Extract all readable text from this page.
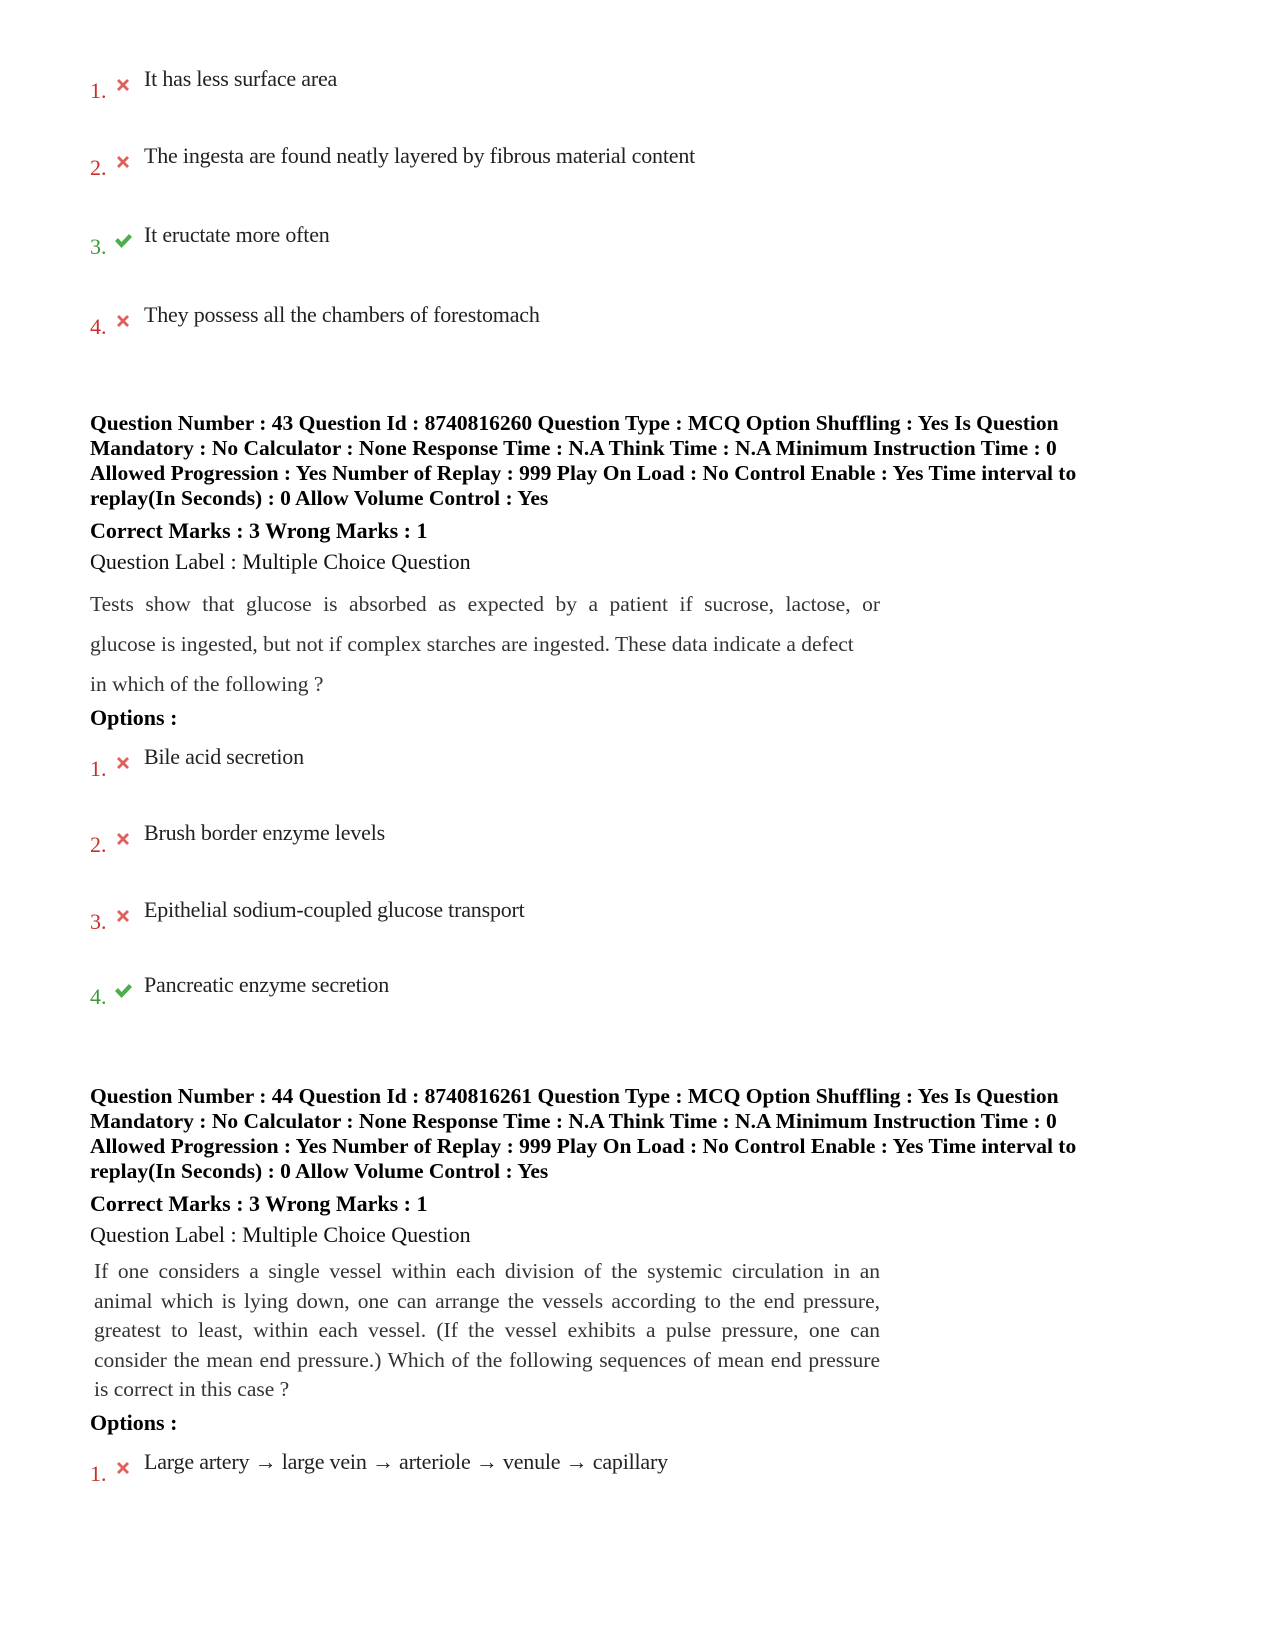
1. It has less surface area
2. The ingesta are found neatly layered by fibrous material content
3. It eructate more often
4. They possess all the chambers of forestomach
Question Number : 43 Question Id : 8740816260 Question Type : MCQ Option Shuffling : Yes Is Question
Mandatory : No Calculator : None Response Time : N.A Think Time : N.A Minimum Instruction Time : 0
Allowed Progression : Yes Number of Replay : 999 Play On Load : No Control Enable : Yes Time interval to
replay(In Seconds) : 0 Allow Volume Control : Yes
Correct Marks : 3 Wrong Marks : 1
Question Label : Multiple Choice Question
Tests show that glucose is absorbed as expected by a patient if sucrose, lactose, or
glucose is ingested, but not if complex starches are ingested. These data indicate a defect
in which of the following ?
Options :
1. Bile acid secretion
2. Brush border enzyme levels
3. Epithelial sodium-coupled glucose transport
4. Pancreatic enzyme secretion
Question Number : 44 Question Id : 8740816261 Question Type : MCQ Option Shuffling : Yes Is Question
Mandatory : No Calculator : None Response Time : N.A Think Time : N.A Minimum Instruction Time : 0
Allowed Progression : Yes Number of Replay : 999 Play On Load : No Control Enable : Yes Time interval to
replay(In Seconds) : 0 Allow Volume Control : Yes
Correct Marks : 3 Wrong Marks : 1
Question Label : Multiple Choice Question
If one considers a single vessel within each division of the systemic circulation in an
animal which is lying down, one can arrange the vessels according to the end pressure,
greatest to least, within each vessel. (If the vessel exhibits a pulse pressure, one can
consider the mean end pressure.) Which of the following sequences of mean end pressure
is correct in this case ?
Options :
1. Large artery → large vein → arteriole → venule → capillary
